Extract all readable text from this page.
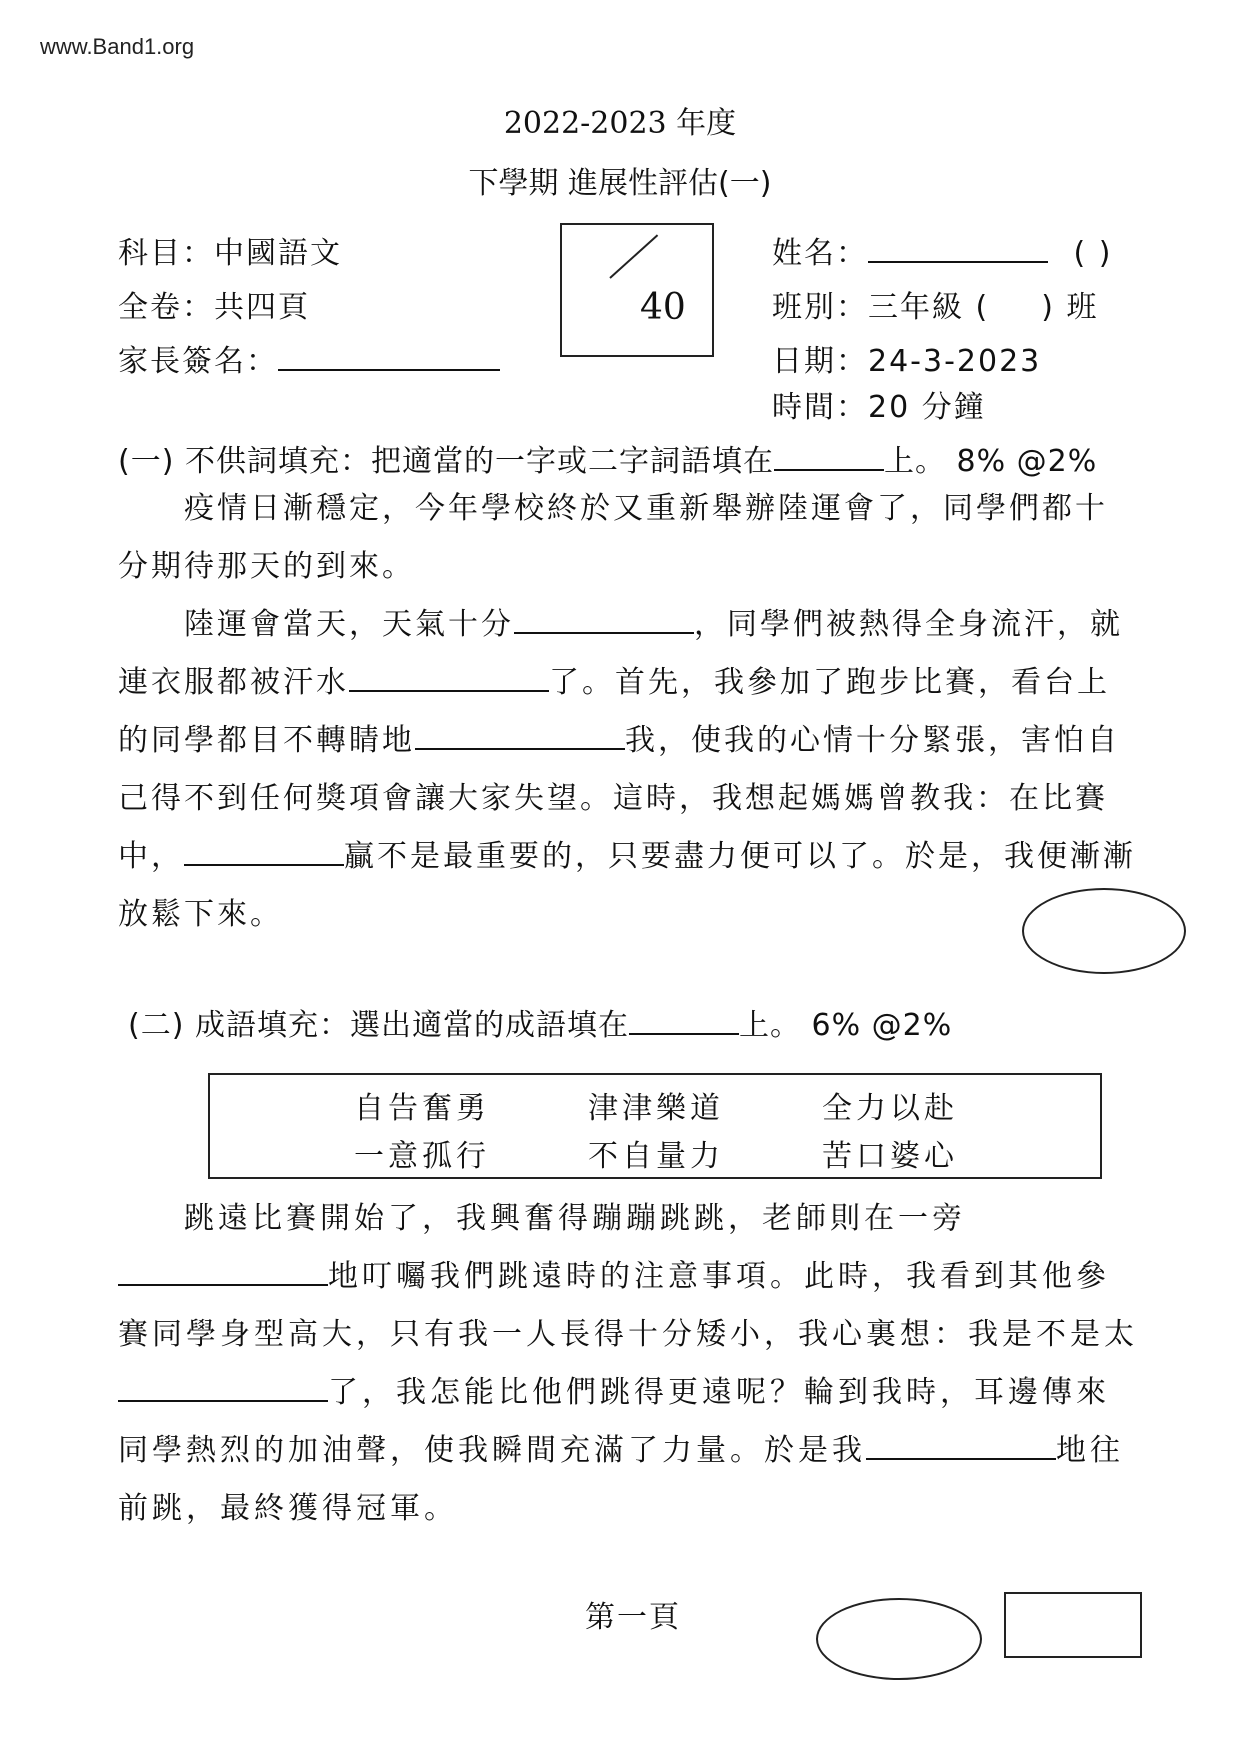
www.Band1.org
2022-2023 年度
下學期 進展性評估(一)
科目：中國語文
全卷：共四頁
家長簽名：
40
姓名：	( )
班別：三年級 ( ) 班
日期：24-3-2023
時間：20 分鐘
(一) 不供詞填充：把適當的一字或二字詞語填在	上。 8% @2%
疫情日漸穩定，今年學校終於又重新舉辦陸運會了，同學們都十分期待那天的到來。
陸運會當天，天氣十分	，同學們被熱得全身流汗，就連衣服都被汗水	了。首先，我參加了跑步比賽，看台上的同學都目不轉睛地	我，使我的心情十分緊張，害怕自己得不到任何獎項會讓大家失望。這時，我想起媽媽曾教我：在比賽中，	贏不是最重要的，只要盡力便可以了。於是，我便漸漸放鬆下來。
(二) 成語填充：選出適當的成語填在	上。 6% @2%
自告奮勇	津津樂道	全力以赴
一意孤行	不自量力	苦口婆心
跳遠比賽開始了，我興奮得蹦蹦跳跳，老師則在一旁地叮囑我們跳遠時的注意事項。此時，我看到其他參賽同學身型高大，只有我一人長得十分矮小，我心裏想：我是不是太了，我怎能比他們跳得更遠呢？輪到我時，耳邊傳來同學熱烈的加油聲，使我瞬間充滿了力量。於是我	地往前跳，最終獲得冠軍。
第一頁
